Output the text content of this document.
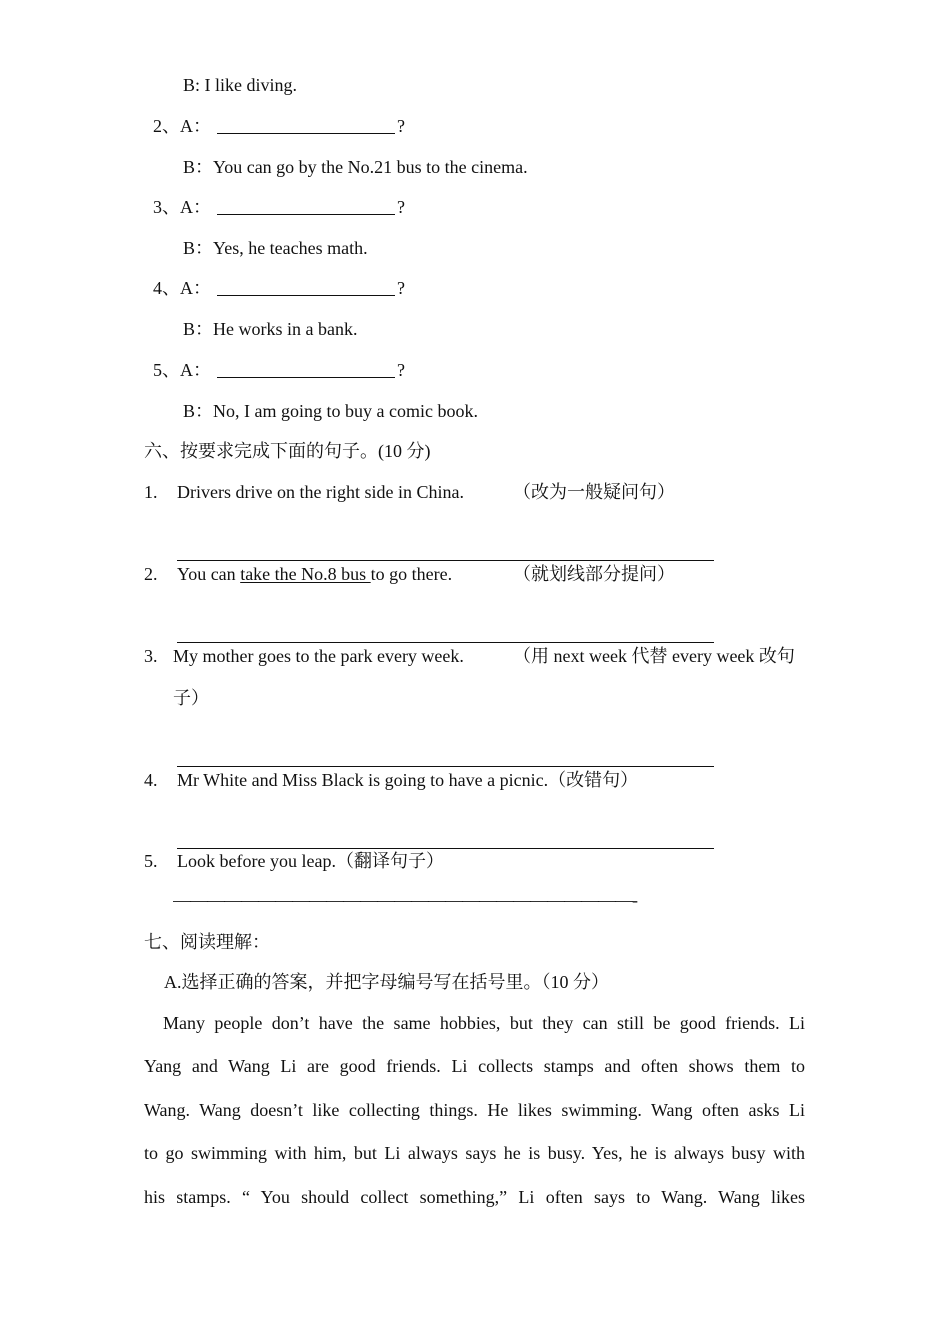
B: I like diving.
2、A：	?
B：You can go by the No.21 bus to the cinema.
3、A：	?
B：Yes, he teaches math.
4、A：	?
B：He works in a bank.
5、A：	?
B：No, I am going to buy a comic book.
六、按要求完成下面的句子。(10 分)
1. Drivers drive on the right side in China.	（改为一般疑问句）
2. You can take the No.8 bus to go there.	（就划线部分提问）
3. My mother goes to the park every week.	（用 next week 代替 every week 改句
子）
4. Mr White and Miss Black is going to have a picnic.（改错句）
5. Look before you leap.（翻译句子）
———————————————————————————-
七、阅读理解：
A.选择正确的答案，并把字母编号写在括号里。（10 分）
Many people don’t have the same hobbies, but they can still be good friends. Li
Yang and Wang Li are good friends. Li collects stamps and often shows them to
Wang. Wang doesn’t like collecting things. He likes swimming. Wang often asks Li
to go swimming with him, but Li always says he is busy. Yes, he is always busy with
his stamps. “ You should collect something,” Li often says to Wang. Wang likes
